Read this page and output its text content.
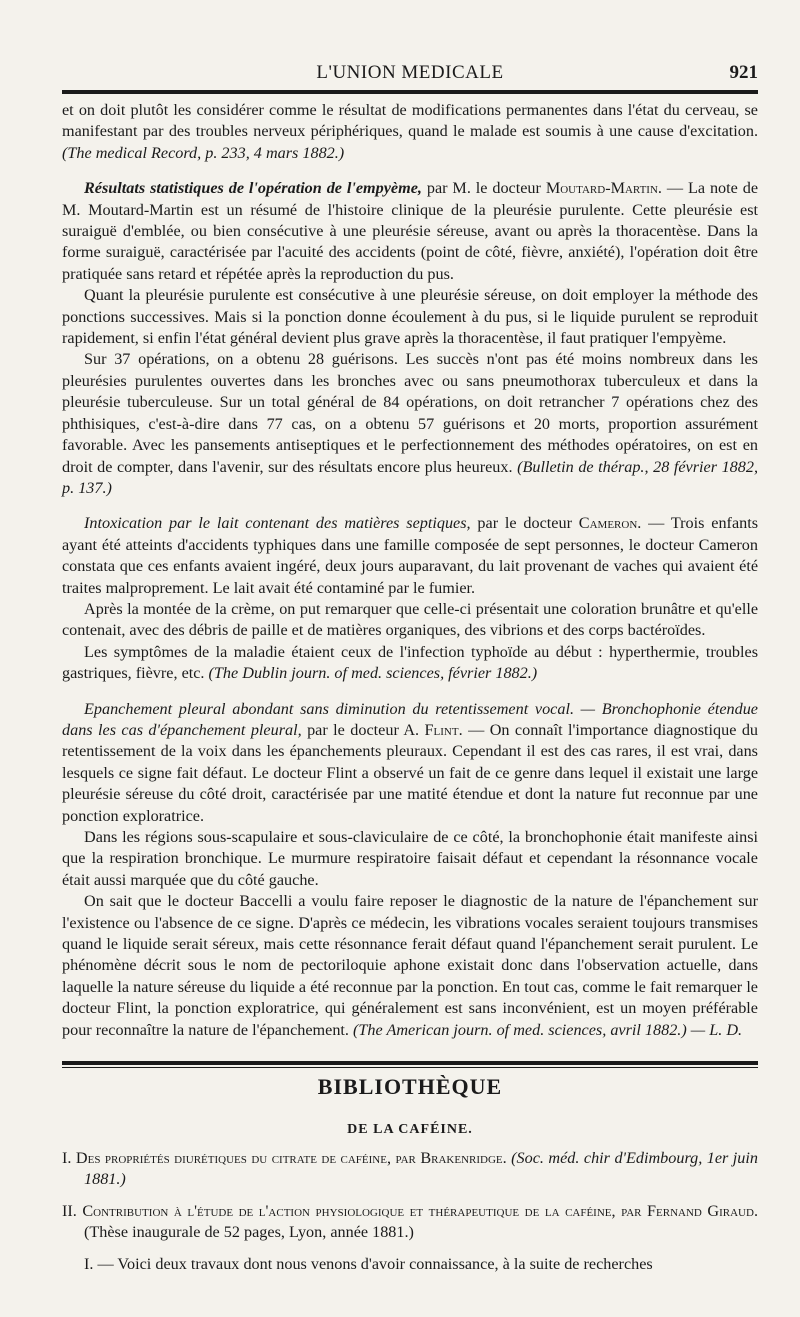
L'UNION MEDICALE	921

et on doit plutôt les considérer comme le résultat de modifications permanentes dans l'état du cerveau, se manifestant par des troubles nerveux périphériques, quand le malade est soumis à une cause d'excitation. (The medical Record, p. 233, 4 mars 1882.)

Résultats statistiques de l'opération de l'empyème, par M. le docteur Moutard-Martin. — La note de M. Moutard-Martin est un résumé de l'histoire clinique de la pleurésie purulente. Cette pleurésie est suraiguë d'emblée, ou bien consécutive à une pleurésie séreuse, avant ou après la thoracentèse. Dans la forme suraiguë, caractérisée par l'acuité des accidents (point de côté, fièvre, anxiété), l'opération doit être pratiquée sans retard et répétée après la reproduction du pus.

Quant la pleurésie purulente est consécutive à une pleurésie séreuse, on doit employer la méthode des ponctions successives. Mais si la ponction donne écoulement à du pus, si le liquide purulent se reproduit rapidement, si enfin l'état général devient plus grave après la thoracentèse, il faut pratiquer l'empyème.

Sur 37 opérations, on a obtenu 28 guérisons. Les succès n'ont pas été moins nombreux dans les pleurésies purulentes ouvertes dans les bronches avec ou sans pneumothorax tuberculeux et dans la pleurésie tuberculeuse. Sur un total général de 84 opérations, on doit retrancher 7 opérations chez des phthisiques, c'est-à-dire dans 77 cas, on a obtenu 57 guérisons et 20 morts, proportion assurément favorable. Avec les pansements antiseptiques et le perfectionnement des méthodes opératoires, on est en droit de compter, dans l'avenir, sur des résultats encore plus heureux. (Bulletin de thérap., 28 février 1882, p. 137.)

Intoxication par le lait contenant des matières septiques, par le docteur Cameron. — Trois enfants ayant été atteints d'accidents typhiques dans une famille composée de sept personnes, le docteur Cameron constata que ces enfants avaient ingéré, deux jours auparavant, du lait provenant de vaches qui avaient été traites malproprement. Le lait avait été contaminé par le fumier.

Après la montée de la crème, on put remarquer que celle-ci présentait une coloration brunâtre et qu'elle contenait, avec des débris de paille et de matières organiques, des vibrions et des corps bactéroïdes.

Les symptômes de la maladie étaient ceux de l'infection typhoïde au début : hyperthermie, troubles gastriques, fièvre, etc. (The Dublin journ. of med. sciences, février 1882.)

Epanchement pleural abondant sans diminution du retentissement vocal. — Bronchophonie étendue dans les cas d'épanchement pleural, par le docteur A. Flint. — On connaît l'importance diagnostique du retentissement de la voix dans les épanchements pleuraux. Cependant il est des cas rares, il est vrai, dans lesquels ce signe fait défaut. Le docteur Flint a observé un fait de ce genre dans lequel il existait une large pleurésie séreuse du côté droit, caractérisée par une matité étendue et dont la nature fut reconnue par une ponction exploratrice.

Dans les régions sous-scapulaire et sous-claviculaire de ce côté, la bronchophonie était manifeste ainsi que la respiration bronchique. Le murmure respiratoire faisait défaut et cependant la résonnance vocale était aussi marquée que du côté gauche.

On sait que le docteur Baccelli a voulu faire reposer le diagnostic de la nature de l'épanchement sur l'existence ou l'absence de ce signe. D'après ce médecin, les vibrations vocales seraient toujours transmises quand le liquide serait séreux, mais cette résonnance ferait défaut quand l'épanchement serait purulent. Le phénomène décrit sous le nom de pectoriloquie aphone existait donc dans l'observation actuelle, dans laquelle la nature séreuse du liquide a été reconnue par la ponction. En tout cas, comme le fait remarquer le docteur Flint, la ponction exploratrice, qui généralement est sans inconvénient, est un moyen préférable pour reconnaître la nature de l'épanchement. (The American journ. of med. sciences, avril 1882.) — L. D.

BIBLIOTHÈQUE
DE LA CAFÉINE.
I. Des propriétés diurétiques du citrate de caféine, par Brakenridge. (Soc. méd. chir d'Edimbourg, 1er juin 1881.)
II. Contribution à l'étude de l'action physiologique et thérapeutique de la caféine, par Fernand Giraud. (Thèse inaugurale de 52 pages, Lyon, année 1881.)

I. — Voici deux travaux dont nous venons d'avoir connaissance, à la suite de recherches
